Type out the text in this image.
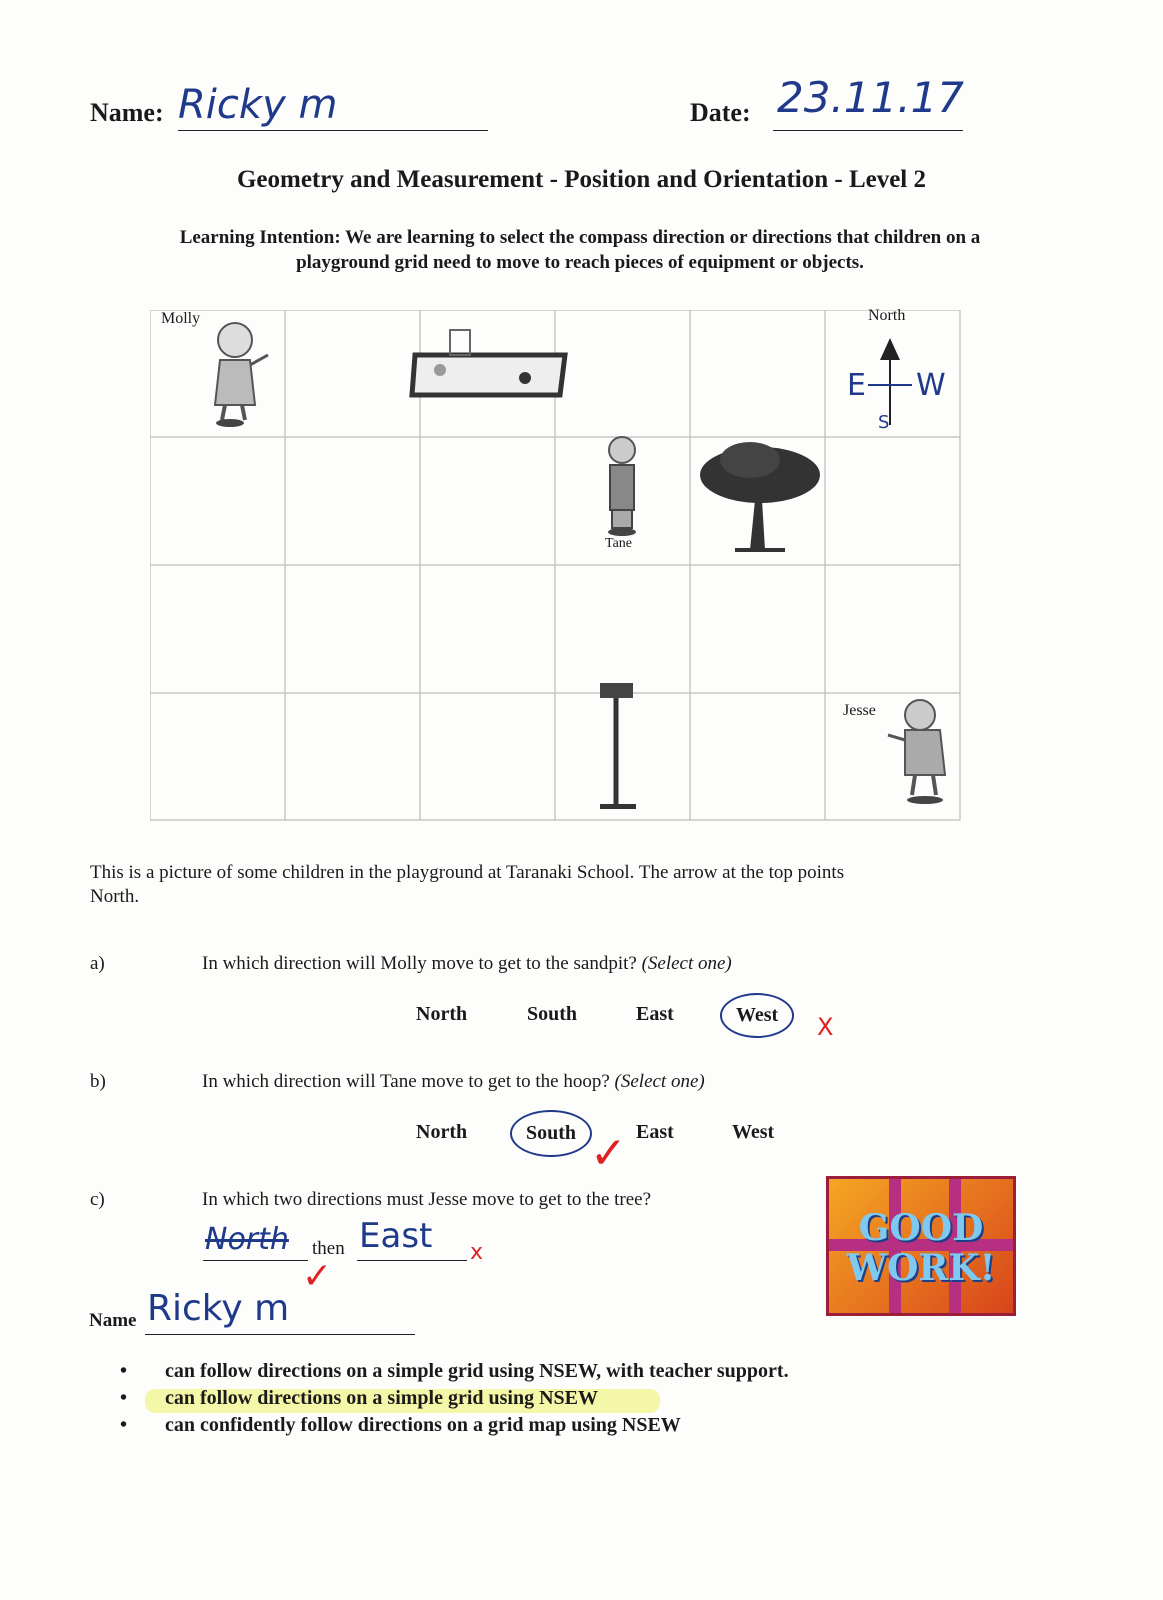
Name: Ricky m	Date: 23.11.17
Geometry and Measurement - Position and Orientation - Level 2
Learning Intention: We are learning to select the compass direction or directions that children on a
playground grid need to move to reach pieces of equipment or objects.
Molly
Tane
Jesse
North
E W
S
This is a picture of some children in the playground at Taranaki School. The arrow at the top points
North.
a)	In which direction will Molly move to get to the sandpit? (Select one)
North	South	East	West	X
b)	In which direction will Tane move to get to the hoop? (Select one)
North	South	East	West
✓
c)	In which two directions must Jesse move to get to the tree?
North then East
✓
x
GOOD
WORK!
Name Ricky m
• can follow directions on a simple grid using NSEW, with teacher support.
• can follow directions on a simple grid using NSEW
• can confidently follow directions on a grid map using NSEW
